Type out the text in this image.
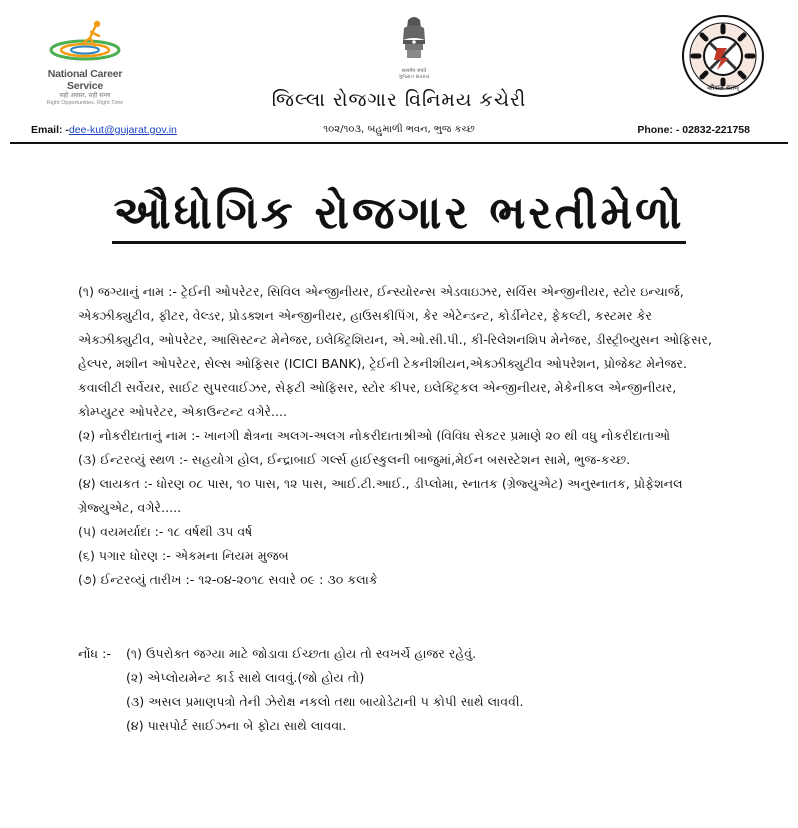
National Career Service
सही अवसर, सही समय
Right Opportunities, Right Time
सत्यमेव जयते
ગુજરાત સરકાર
कौशल बलम्
જિલ્લા રોજગાર વિનિમય કચેરી
૧૦૨/૧૦૩, બહુમાળી ભવન, ભુજ કચ્છ
Email: -dee-kut@gujarat.gov.in	Phone: - 02832-221758
ઔધોગિક રોજગાર ભરતીમેળો

(૧) જગ્યાનું નામ :- ટ્રેઈની ઓપરેટર, સિવિલ એન્જીનીયર, ઈન્સ્યોરન્સ એડવાઇઝર, સર્વિસ એન્જીનીયર, સ્ટોર ઇન્ચાર્જ, એક્ઝીક્યુટીવ, ફીટર, વેલ્ડર, પ્રોડક્શન એન્જીનીયર, હાઉસકીપિંગ, કેર એટેન્ડન્ટ, કોર્ડીનેટર, ફેકલ્ટી, કસ્ટમર કેર એક્ઝીક્યુટીવ, ઓપરેટર, આસિસ્ટન્ટ મેનેજર, ઇલેક્ટ્રિશિયન, એ.ઓ.સી.પી., કી-રિલેશનશિપ મેનેજર, ડીસ્ટ્રીબ્યુસન ઓફિસર, હેલ્પર, મશીન ઓપરેટર, સેલ્સ ઓફિસર (ICICI BANK), ટ્રેઈની ટેકનીશીયન,એક્ઝીક્યુટીવ ઓપરેશન, પ્રોજેક્ટ મેનેજર. કવાલીટી સર્વેયર, સાઈટ સુપરવાઈઝર, સેફટી ઓફિસર, સ્ટોર કીપર, ઇલેક્ટ્રિકલ એન્જીનીયર, મેકેનીકલ એન્જીનીયર, કોમ્પ્યુટર ઓપરેટર, એકાઉન્ટન્ટ વગેરે....

(૨) નોકરીદાતાનું નામ :- ખાનગી ક્ષેત્રના અલગ-અલગ નોકરીદાતાશ્રીઓ (વિવિધ સેક્ટર પ્રમાણે ૨૦ થી વધુ નોકરીદાતાઓ

(૩) ઈન્ટરવ્યું સ્થળ :- સહયોગ હોલ, ઈન્દ્રાબાઈ ગર્લ્સ હાઈસ્કુલની બાજુમાં,મેઈન બસસ્ટેશન સામે, ભુજ-કચ્છ.

(૪) લાયકત :- ધોરણ ૦૮ પાસ, ૧૦ પાસ, ૧૨ પાસ, આઈ.ટી.આઈ., ડીપ્લોમા, સ્નાતક (ગ્રેજ્યુએટ) અનુસ્નાતક, પ્રોફેશનલ ગ્રેજ્યુએટ, વગેરે.....

(૫) વયમર્યાદા :- ૧૮ વર્ષથી ૩૫ વર્ષ

(૬) પગાર ધોરણ :- એકમના નિયમ મુજબ

(૭) ઈન્ટરવ્યું તારીખ :- ૧૨-૦૪-૨૦૧૮ સવારે ૦૯ : ૩૦ કલાકે

નોંધ :- (૧) ઉપરોક્ત જગ્યા માટે જોડાવા ઈચ્છતા હોય તો સ્વખર્ચે હાજર રહેવું.
(૨) એપ્લોયમેન્ટ કાર્ડ સાથે લાવવું.(જો હોય તો)
(૩) અસલ પ્રમાણપત્રો તેની ઝેરોક્ષ નકલો તથા બાયોડેટાની ૫ કોપી સાથે લાવવી.
(૪) પાસપોર્ટ સાઈઝના બે ફોટા સાથે લાવવા.
